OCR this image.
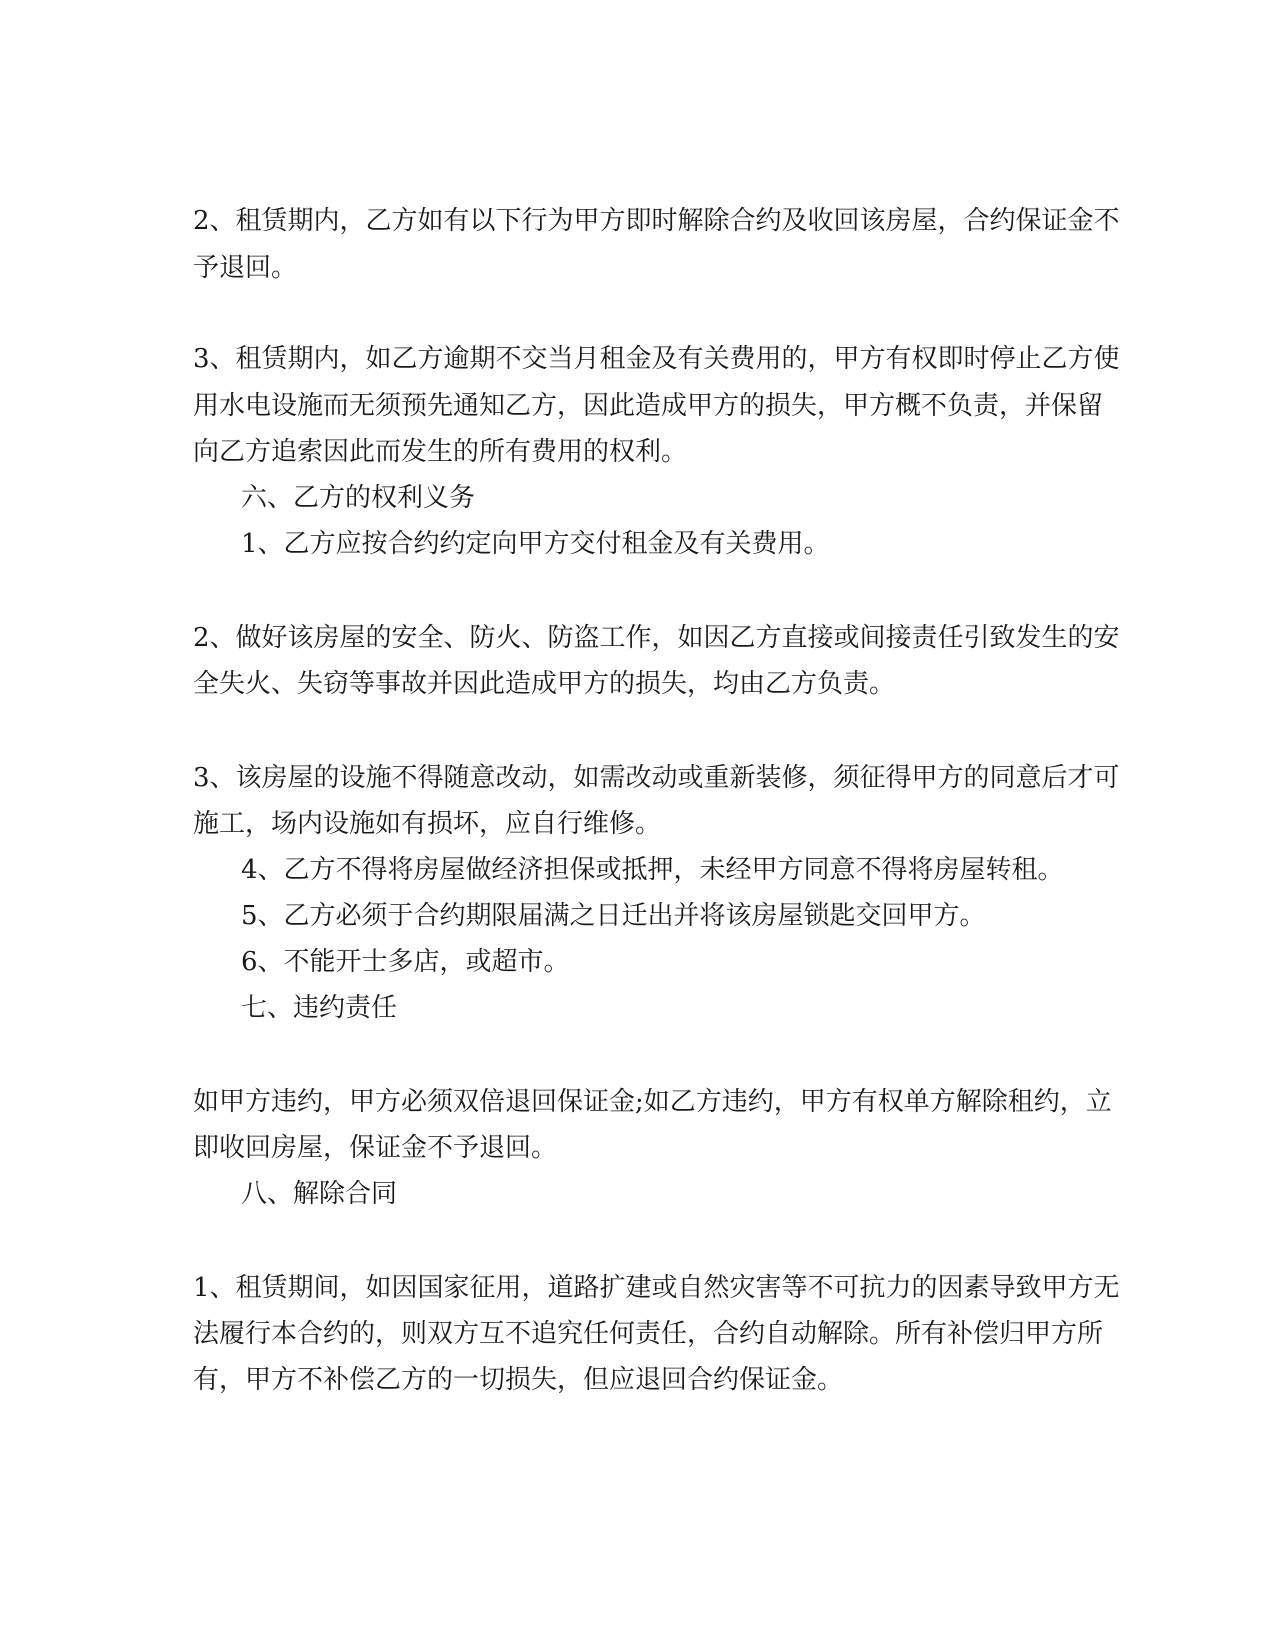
2、租赁期内，乙方如有以下行为甲方即时解除合约及收回该房屋，合约保证金不

予退回。

3、租赁期内，如乙方逾期不交当月租金及有关费用的，甲方有权即时停止乙方使

用水电设施而无须预先通知乙方，因此造成甲方的损失，甲方概不负责，并保留

向乙方追索因此而发生的所有费用的权利。

六、乙方的权利义务

1、乙方应按合约约定向甲方交付租金及有关费用。

2、做好该房屋的安全、防火、防盗工作，如因乙方直接或间接责任引致发生的安

全失火、失窃等事故并因此造成甲方的损失，均由乙方负责。

3、该房屋的设施不得随意改动，如需改动或重新装修，须征得甲方的同意后才可

施工，场内设施如有损坏，应自行维修。

4、乙方不得将房屋做经济担保或抵押，未经甲方同意不得将房屋转租。

5、乙方必须于合约期限届满之日迁出并将该房屋锁匙交回甲方。

6、不能开士多店，或超市。

七、违约责任

如甲方违约，甲方必须双倍退回保证金;如乙方违约，甲方有权单方解除租约，立

即收回房屋，保证金不予退回。

八、解除合同

1、租赁期间，如因国家征用，道路扩建或自然灾害等不可抗力的因素导致甲方无

法履行本合约的，则双方互不追究任何责任，合约自动解除。所有补偿归甲方所

有，甲方不补偿乙方的一切损失，但应退回合约保证金。
